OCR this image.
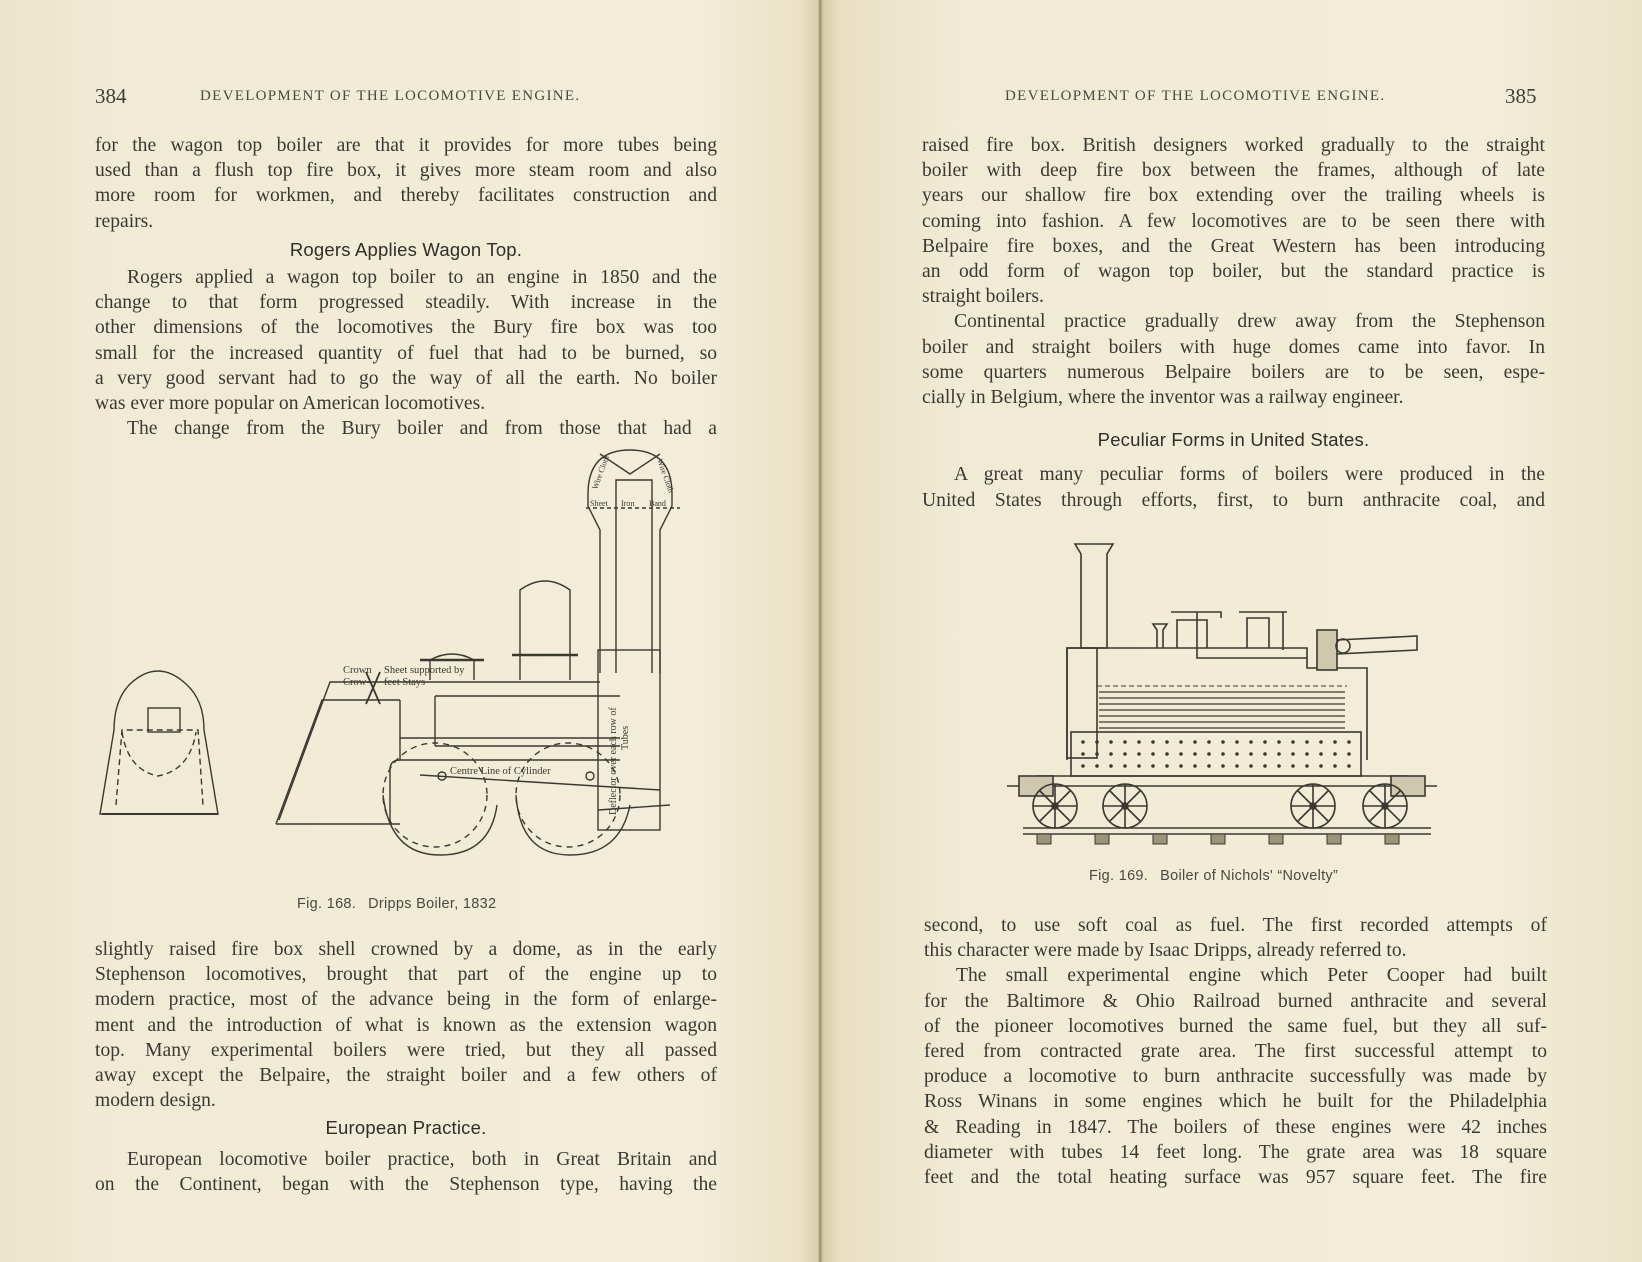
384	DEVELOPMENT OF THE LOCOMOTIVE ENGINE.

for the wagon top boiler are that it provides for more tubes being
used than a flush top fire box, it gives more steam room and also
more room for workmen, and thereby facilitates construction and
repairs.

Rogers Applies Wagon Top.

Rogers applied a wagon top boiler to an engine in 1850 and the
change to that form progressed steadily. With increase in the
other dimensions of the locomotives the Bury fire box was too
small for the increased quantity of fuel that had to be burned, so
a very good servant had to go the way of all the earth. No boiler
was ever more popular on American locomotives.
The change from the Bury boiler and from those that had a

Crown Sheet supported by
Crow- feet Stays
Centre Line of Cylinder
Sheet Iron Band
Wire Cloth	Wire Cloth
Deflector over each row of Tubes
Fig. 168. Dripps Boiler, 1832

slightly raised fire box shell crowned by a dome, as in the early
Stephenson locomotives, brought that part of the engine up to
modern practice, most of the advance being in the form of enlarge-
ment and the introduction of what is known as the extension wagon
top. Many experimental boilers were tried, but they all passed
away except the Belpaire, the straight boiler and a few others of
modern design.

European Practice.

European locomotive boiler practice, both in Great Britain and
on the Continent, began with the Stephenson type, having the

DEVELOPMENT OF THE LOCOMOTIVE ENGINE.	385

raised fire box. British designers worked gradually to the straight
boiler with deep fire box between the frames, although of late
years our shallow fire box extending over the trailing wheels is
coming into fashion. A few locomotives are to be seen there with
Belpaire fire boxes, and the Great Western has been introducing
an odd form of wagon top boiler, but the standard practice is
straight boilers.

Continental practice gradually drew away from the Stephenson
boiler and straight boilers with huge domes came into favor. In
some quarters numerous Belpaire boilers are to be seen, espe-
cially in Belgium, where the inventor was a railway engineer.

Peculiar Forms in United States.

A great many peculiar forms of boilers were produced in the
United States through efforts, first, to burn anthracite coal, and

Fig. 169. Boiler of Nichols' “Novelty”

second, to use soft coal as fuel. The first recorded attempts of
this character were made by Isaac Dripps, already referred to.

The small experimental engine which Peter Cooper had built
for the Baltimore & Ohio Railroad burned anthracite and several
of the pioneer locomotives burned the same fuel, but they all suf-
fered from contracted grate area. The first successful attempt to
produce a locomotive to burn anthracite successfully was made by
Ross Winans in some engines which he built for the Philadelphia
& Reading in 1847. The boilers of these engines were 42 inches
diameter with tubes 14 feet long. The grate area was 18 square
feet and the total heating surface was 957 square feet. The fire
